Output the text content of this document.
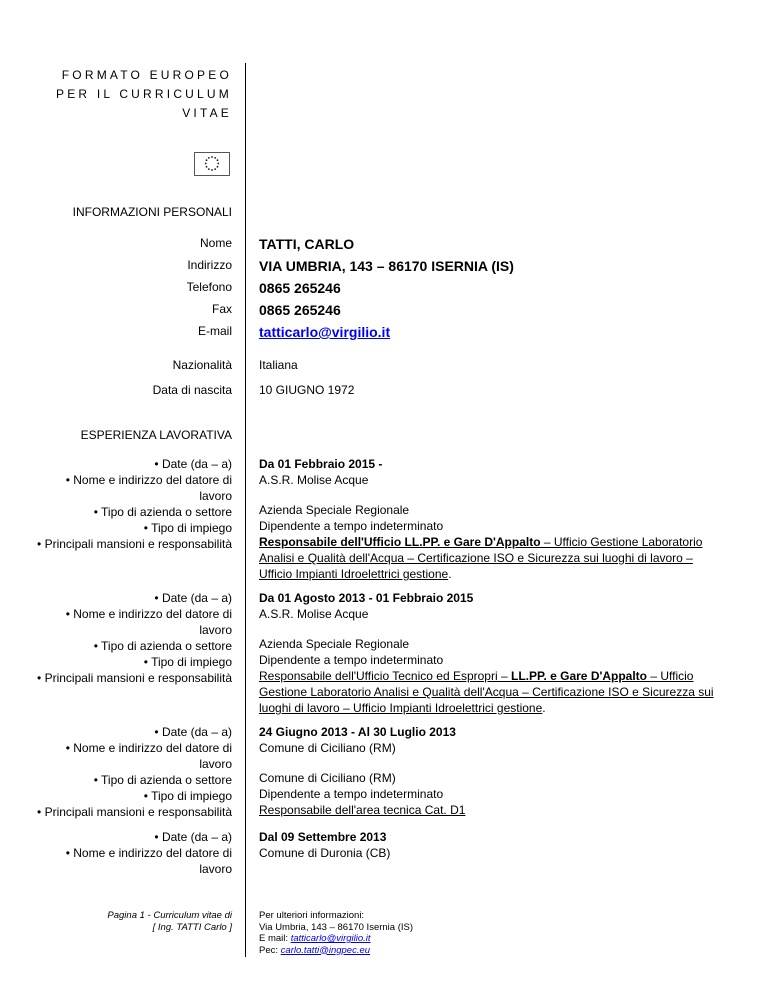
FORMATO EUROPEO
PER IL CURRICULUM
VITAE
INFORMAZIONI PERSONALI
Nome TATTI, CARLO
Indirizzo VIA UMBRIA, 143 – 86170 ISERNIA (IS)
Telefono 0865 265246
Fax 0865 265246
E-mail tatticarlo@virgilio.it
Nazionalità Italiana
Data di nascita 10 GIUGNO 1972
ESPERIENZA LAVORATIVA
• Date (da – a)
• Nome e indirizzo del datore di
lavoro
• Tipo di azienda o settore
• Tipo di impiego
• Principali mansioni e responsabilità
Da 01 Febbraio 2015 -
A.S.R. Molise Acque
Azienda Speciale Regionale
Dipendente a tempo indeterminato
Responsabile dell'Ufficio LL.PP. e Gare D'Appalto – Ufficio Gestione Laboratorio Analisi e Qualità dell'Acqua – Certificazione ISO e Sicurezza sui luoghi di lavoro – Ufficio Impianti Idroelettrici gestione.
• Date (da – a)
• Nome e indirizzo del datore di
lavoro
• Tipo di azienda o settore
• Tipo di impiego
• Principali mansioni e responsabilità
Da 01 Agosto 2013 - 01 Febbraio 2015
A.S.R. Molise Acque
Azienda Speciale Regionale
Dipendente a tempo indeterminato
Responsabile dell'Ufficio Tecnico ed Espropri – LL.PP. e Gare D'Appalto – Ufficio Gestione Laboratorio Analisi e Qualità dell'Acqua – Certificazione ISO e Sicurezza sui luoghi di lavoro – Ufficio Impianti Idroelettrici gestione.
• Date (da – a)
• Nome e indirizzo del datore di
lavoro
• Tipo di azienda o settore
• Tipo di impiego
• Principali mansioni e responsabilità
24 Giugno 2013 - Al 30 Luglio 2013
Comune di Ciciliano (RM)
Comune di Ciciliano (RM)
Dipendente a tempo indeterminato
Responsabile dell'area tecnica Cat. D1
• Date (da – a)
• Nome e indirizzo del datore di
lavoro
Dal 09 Settembre 2013
Comune di Duronia (CB)
Pagina 1 - Curriculum vitae di
[ Ing. TATTI Carlo ]
Per ulteriori informazioni:
Via Umbria, 143 – 86170 Isernia (IS)
E mail: tatticarlo@virgilio.it
Pec: carlo.tatti@ingpec.eu
